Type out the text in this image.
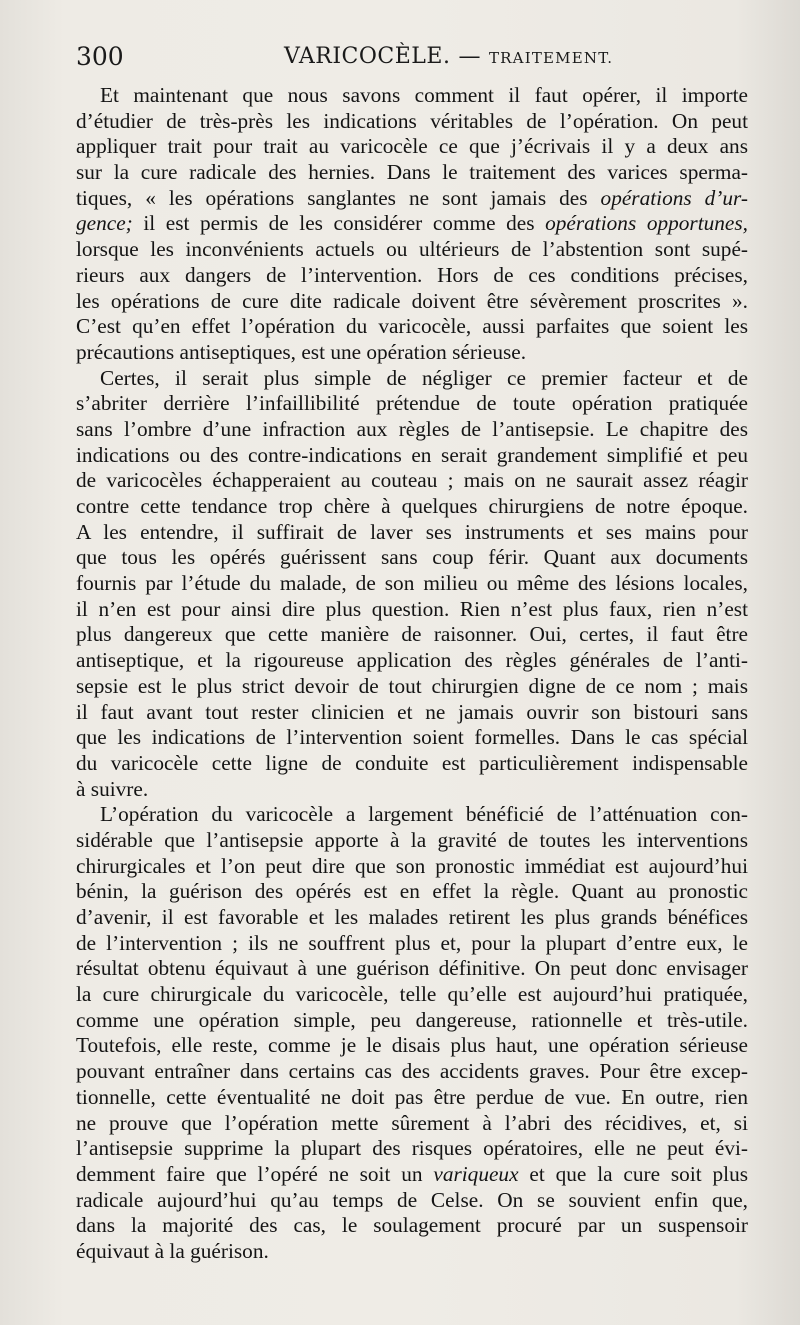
300	VARICOCÈLE. — TRAITEMENT.
Et maintenant que nous savons comment il faut opérer, il importe
d’étudier de très-près les indications véritables de l’opération. On peut
appliquer trait pour trait au varicocèle ce que j’écrivais il y a deux ans
sur la cure radicale des hernies. Dans le traitement des varices sperma-
tiques, « les opérations sanglantes ne sont jamais des opérations d’ur-
gence; il est permis de les considérer comme des opérations opportunes,
lorsque les inconvénients actuels ou ultérieurs de l’abstention sont supé-
rieurs aux dangers de l’intervention. Hors de ces conditions précises,
les opérations de cure dite radicale doivent être sévèrement proscrites ».
C’est qu’en effet l’opération du varicocèle, aussi parfaites que soient les
précautions antiseptiques, est une opération sérieuse.
Certes, il serait plus simple de négliger ce premier facteur et de
s’abriter derrière l’infaillibilité prétendue de toute opération pratiquée
sans l’ombre d’une infraction aux règles de l’antisepsie. Le chapitre des
indications ou des contre-indications en serait grandement simplifié et peu
de varicocèles échapperaient au couteau ; mais on ne saurait assez réagir
contre cette tendance trop chère à quelques chirurgiens de notre époque.
A les entendre, il suffirait de laver ses instruments et ses mains pour
que tous les opérés guérissent sans coup férir. Quant aux documents
fournis par l’étude du malade, de son milieu ou même des lésions locales,
il n’en est pour ainsi dire plus question. Rien n’est plus faux, rien n’est
plus dangereux que cette manière de raisonner. Oui, certes, il faut être
antiseptique, et la rigoureuse application des règles générales de l’anti-
sepsie est le plus strict devoir de tout chirurgien digne de ce nom ; mais
il faut avant tout rester clinicien et ne jamais ouvrir son bistouri sans
que les indications de l’intervention soient formelles. Dans le cas spécial
du varicocèle cette ligne de conduite est particulièrement indispensable
à suivre.
L’opération du varicocèle a largement bénéficié de l’atténuation con-
sidérable que l’antisepsie apporte à la gravité de toutes les interventions
chirurgicales et l’on peut dire que son pronostic immédiat est aujourd’hui
bénin, la guérison des opérés est en effet la règle. Quant au pronostic
d’avenir, il est favorable et les malades retirent les plus grands bénéfices
de l’intervention ; ils ne souffrent plus et, pour la plupart d’entre eux, le
résultat obtenu équivaut à une guérison définitive. On peut donc envisager
la cure chirurgicale du varicocèle, telle qu’elle est aujourd’hui pratiquée,
comme une opération simple, peu dangereuse, rationnelle et très-utile.
Toutefois, elle reste, comme je le disais plus haut, une opération sérieuse
pouvant entraîner dans certains cas des accidents graves. Pour être excep-
tionnelle, cette éventualité ne doit pas être perdue de vue. En outre, rien
ne prouve que l’opération mette sûrement à l’abri des récidives, et, si
l’antisepsie supprime la plupart des risques opératoires, elle ne peut évi-
demment faire que l’opéré ne soit un variqueux et que la cure soit plus
radicale aujourd’hui qu’au temps de Celse. On se souvient enfin que,
dans la majorité des cas, le soulagement procuré par un suspensoir
équivaut à la guérison.
